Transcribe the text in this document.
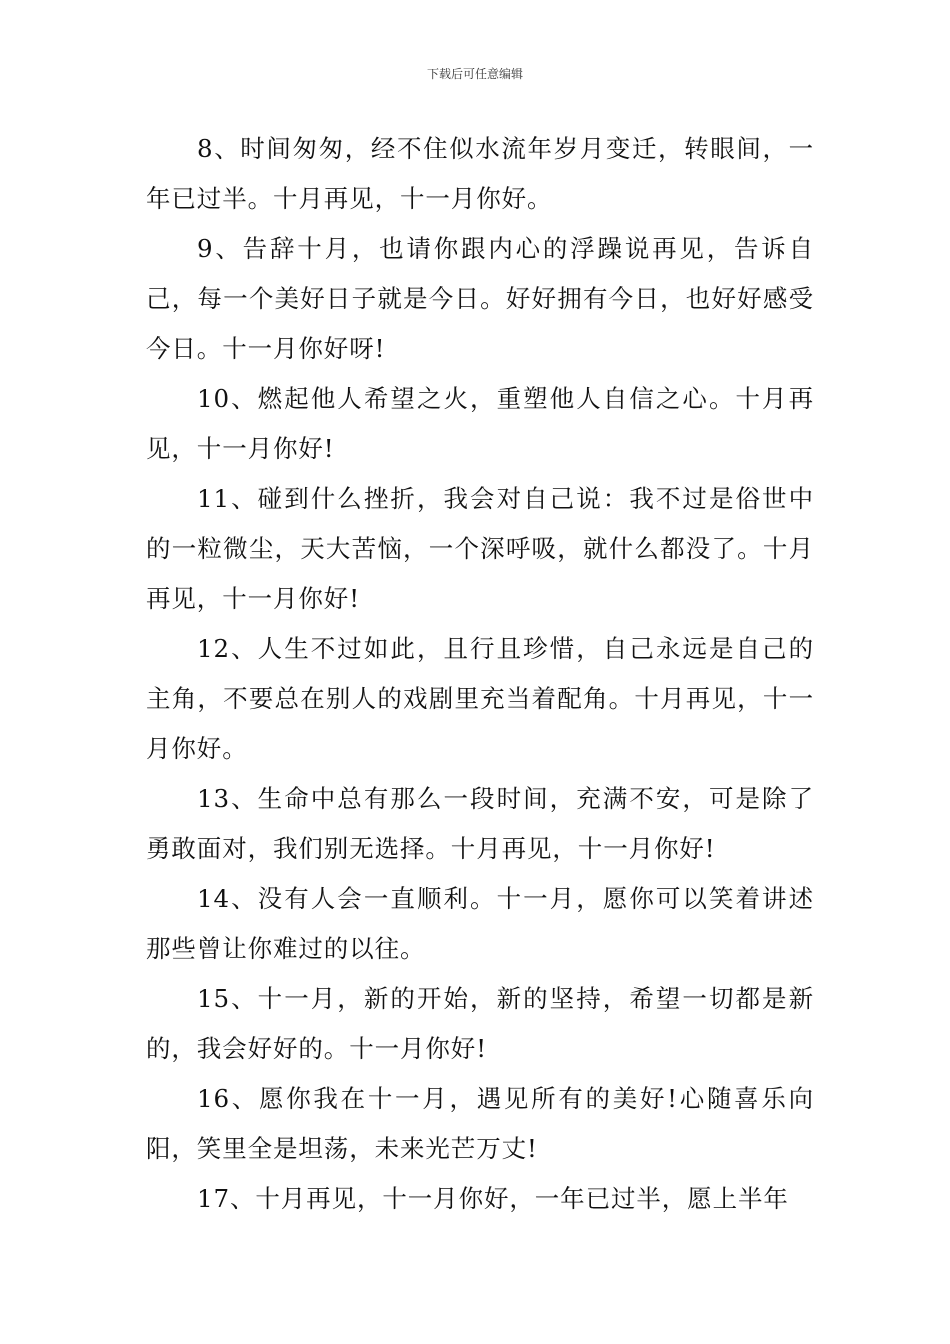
下载后可任意编辑

8、时间匆匆，经不住似水流年岁月变迁，转眼间，一年已过半。十月再见，十一月你好。

9、告辞十月，也请你跟内心的浮躁说再见，告诉自己，每一个美好日子就是今日。好好拥有今日，也好好感受今日。十一月你好呀!

10、燃起他人希望之火，重塑他人自信之心。十月再见，十一月你好!

11、碰到什么挫折，我会对自己说：我不过是俗世中的一粒微尘，天大苦恼，一个深呼吸，就什么都没了。十月再见，十一月你好!

12、人生不过如此，且行且珍惜，自己永远是自己的主角，不要总在别人的戏剧里充当着配角。十月再见，十一月你好。

13、生命中总有那么一段时间，充满不安，可是除了勇敢面对，我们别无选择。十月再见，十一月你好!

14、没有人会一直顺利。十一月，愿你可以笑着讲述那些曾让你难过的以往。

15、十一月，新的开始，新的坚持，希望一切都是新的，我会好好的。十一月你好!

16、愿你我在十一月，遇见所有的美好!心随喜乐向阳，笑里全是坦荡，未来光芒万丈!

17、十月再见，十一月你好，一年已过半，愿上半年
